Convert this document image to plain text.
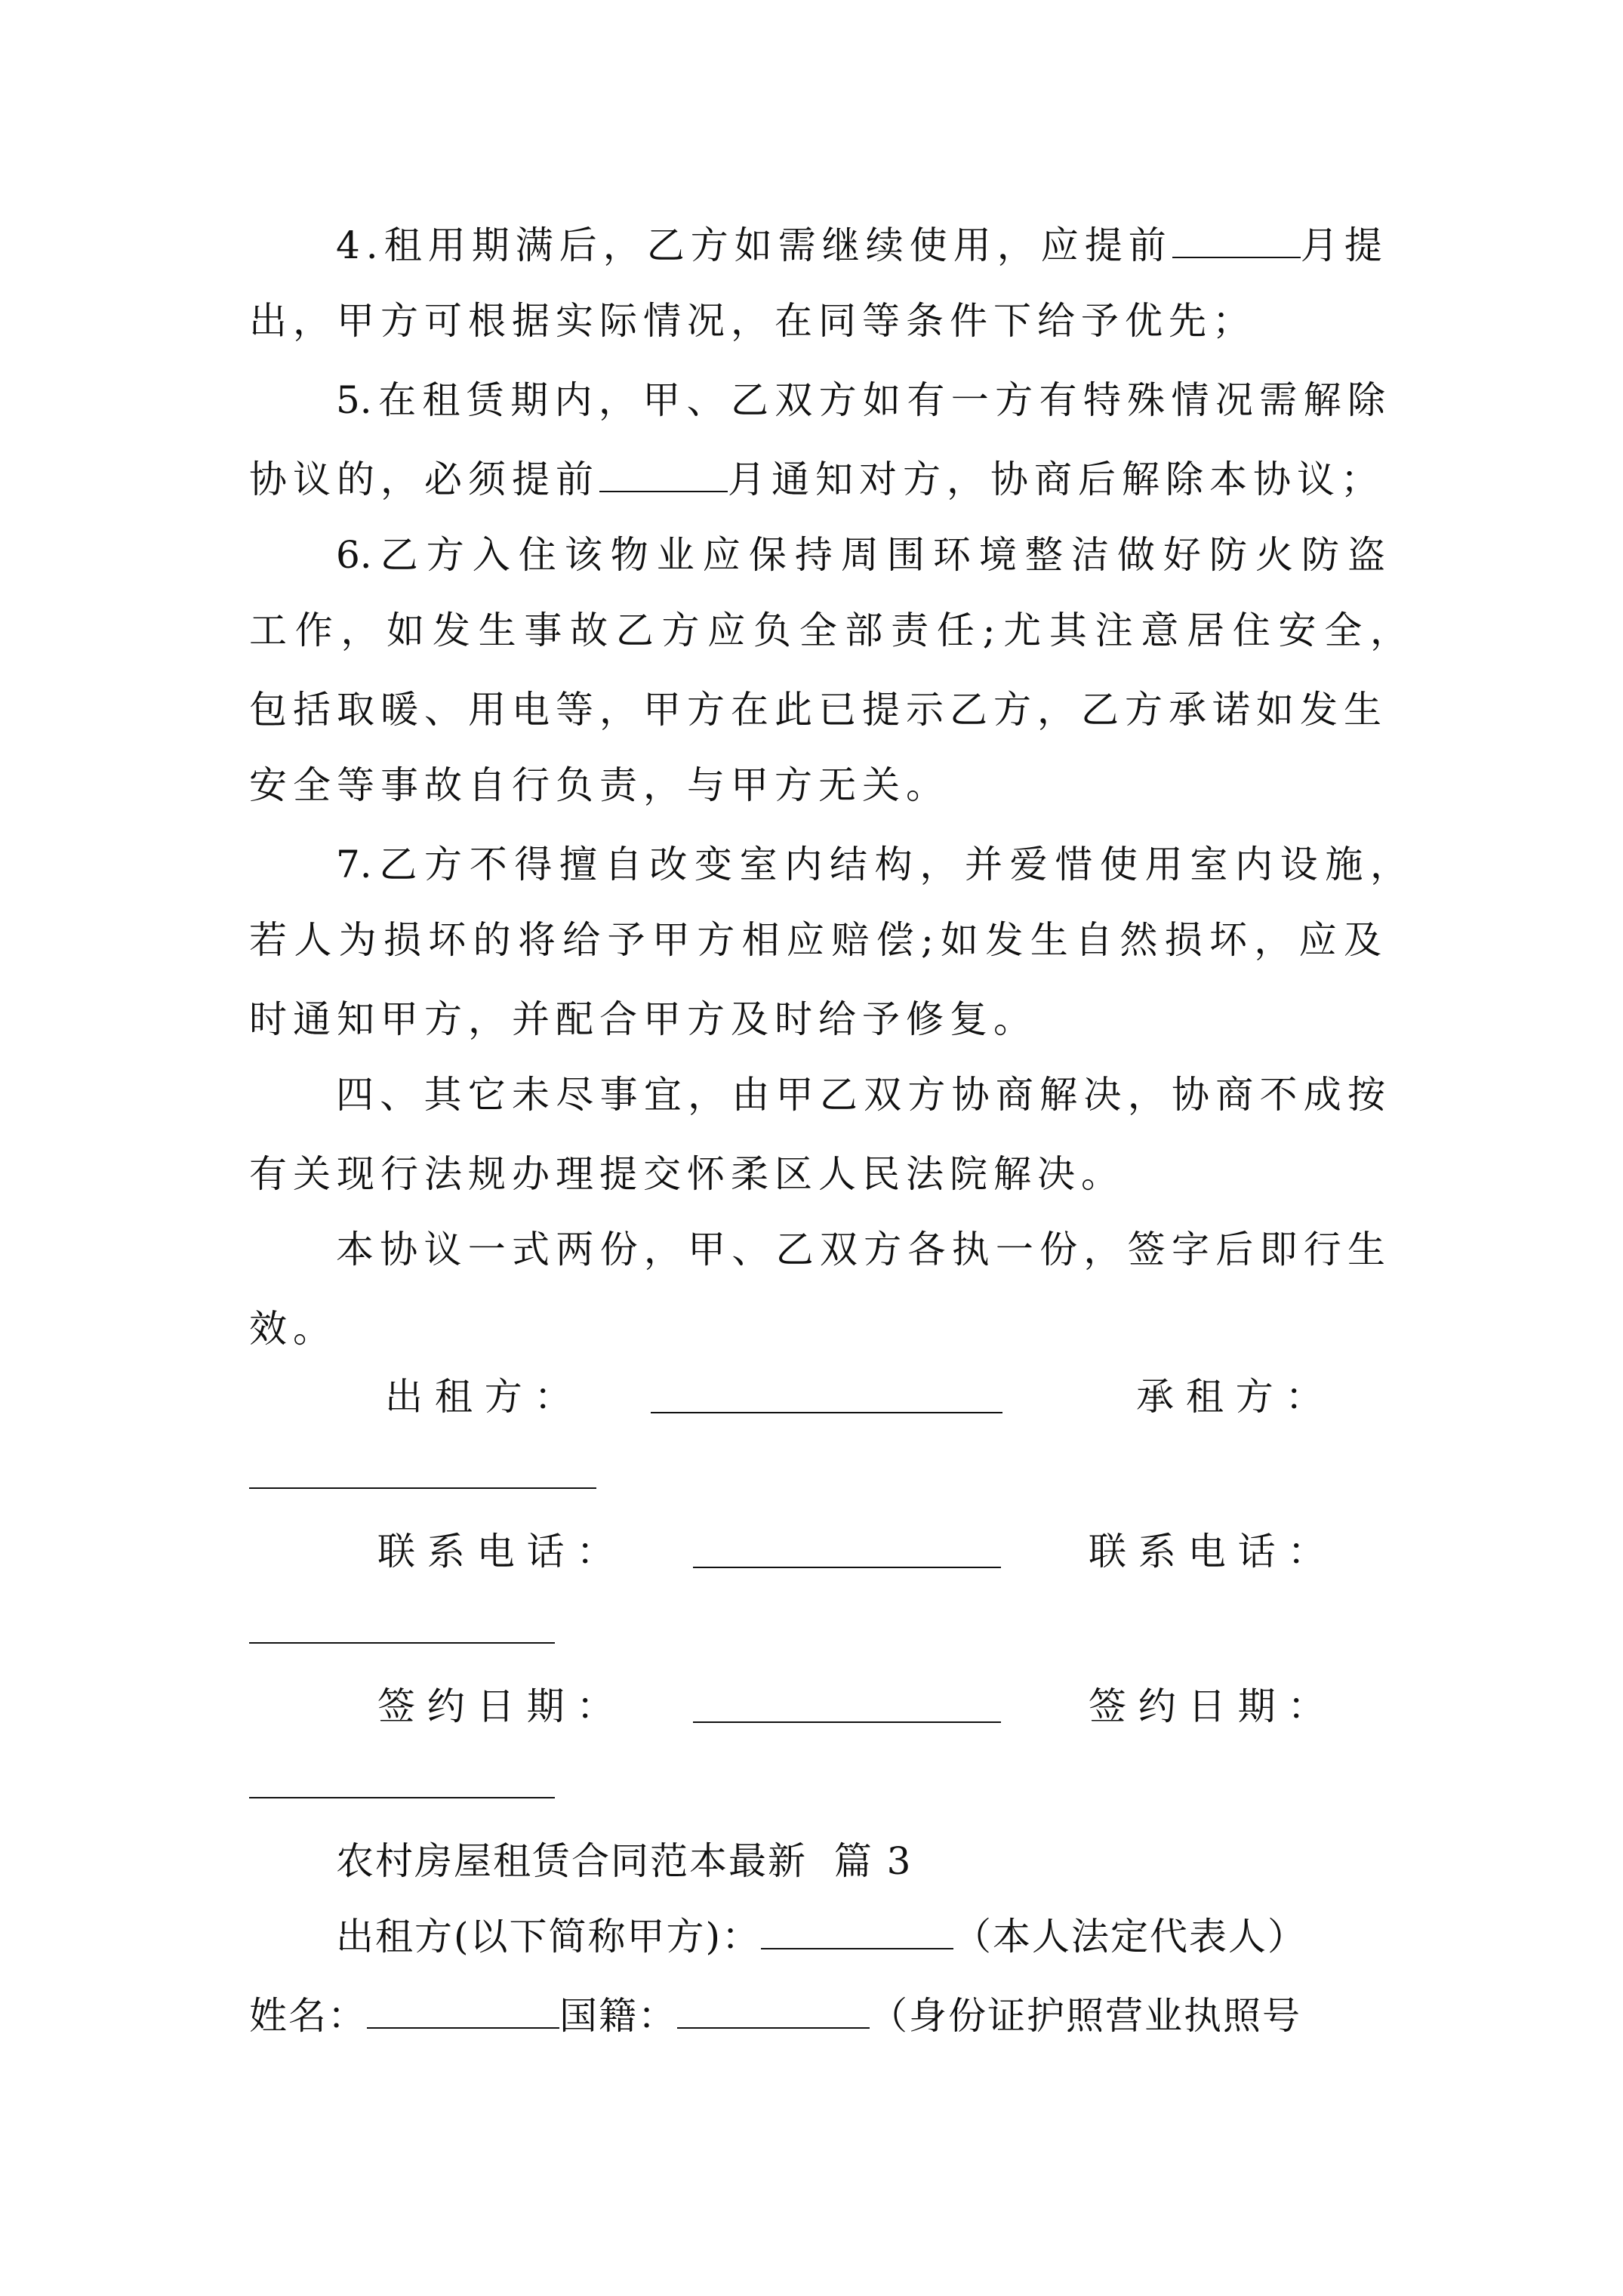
4.租用期满后，乙方如需继续使用，应提前	月提
出，甲方可根据实际情况，在同等条件下给予优先；
5.在租赁期内，甲、乙双方如有一方有特殊情况需解除
协议的，必须提前	月通知对方，协商后解除本协议；
6.乙方入住该物业应保持周围环境整洁做好防火防盗
工作，如发生事故乙方应负全部责任;尤其注意居住安全，
包括取暖、用电等，甲方在此已提示乙方，乙方承诺如发生
安全等事故自行负责，与甲方无关。
7.乙方不得擅自改变室内结构，并爱惜使用室内设施，
若人为损坏的将给予甲方相应赔偿;如发生自然损坏，应及
时通知甲方，并配合甲方及时给予修复。
四、其它未尽事宜，由甲乙双方协商解决，协商不成按
有关现行法规办理提交怀柔区人民法院解决。
本协议一式两份，甲、乙双方各执一份，签字后即行生
效。
出 租 方 ：	承 租 方 ：
联 系 电 话 ：	联 系 电 话 ：
签 约 日 期 ：	签 约 日 期 ：
农村房屋租赁合同范本最新  篇 3
出租方(以下简称甲方)：	（本人法定代表人）
姓名：	国籍：	（身份证护照营业执照号
